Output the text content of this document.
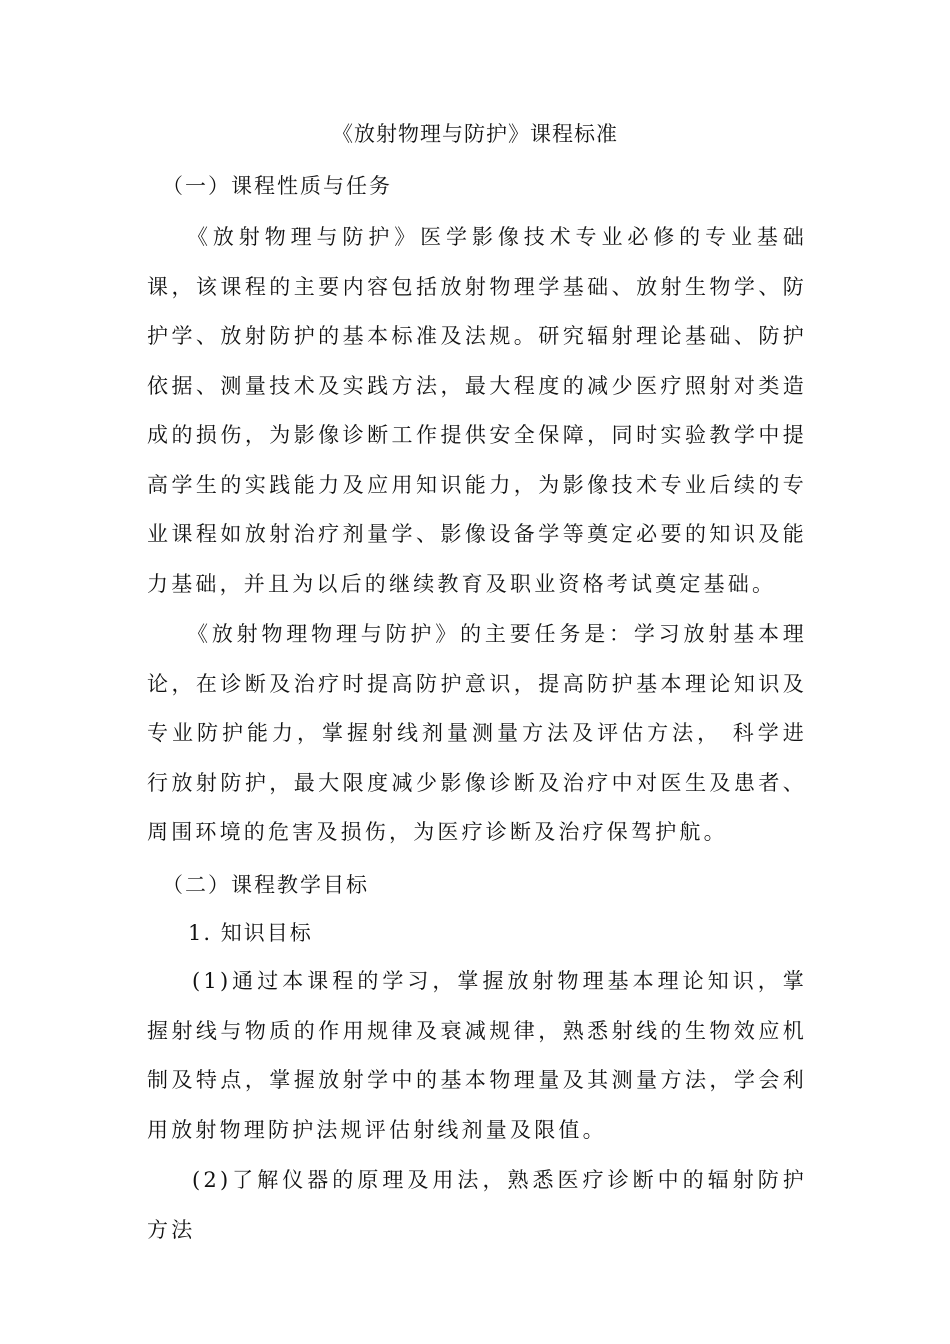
《放射物理与防护》课程标准
（一）课程性质与任务
《放射物理与防护》医学影像技术专业必修的专业基础课，该课程的主要内容包括放射物理学基础、放射生物学、防护学、放射防护的基本标准及法规。研究辐射理论基础、防护依据、测量技术及实践方法，最大程度的减少医疗照射对类造成的损伤，为影像诊断工作提供安全保障，同时实验教学中提高学生的实践能力及应用知识能力，为影像技术专业后续的专业课程如放射治疗剂量学、影像设备学等奠定必要的知识及能力基础，并且为以后的继续教育及职业资格考试奠定基础。
《放射物理物理与防护》的主要任务是：学习放射基本理论，在诊断及治疗时提高防护意识，提高防护基本理论知识及专业防护能力，掌握射线剂量测量方法及评估方法， 科学进行放射防护，最大限度减少影像诊断及治疗中对医生及患者、周围环境的危害及损伤，为医疗诊断及治疗保驾护航。
（二）课程教学目标
1. 知识目标
(1)通过本课程的学习，掌握放射物理基本理论知识，掌握射线与物质的作用规律及衰减规律，熟悉射线的生物效应机制及特点，掌握放射学中的基本物理量及其测量方法，学会利用放射物理防护法规评估射线剂量及限值。
(2)了解仪器的原理及用法，熟悉医疗诊断中的辐射防护方法
